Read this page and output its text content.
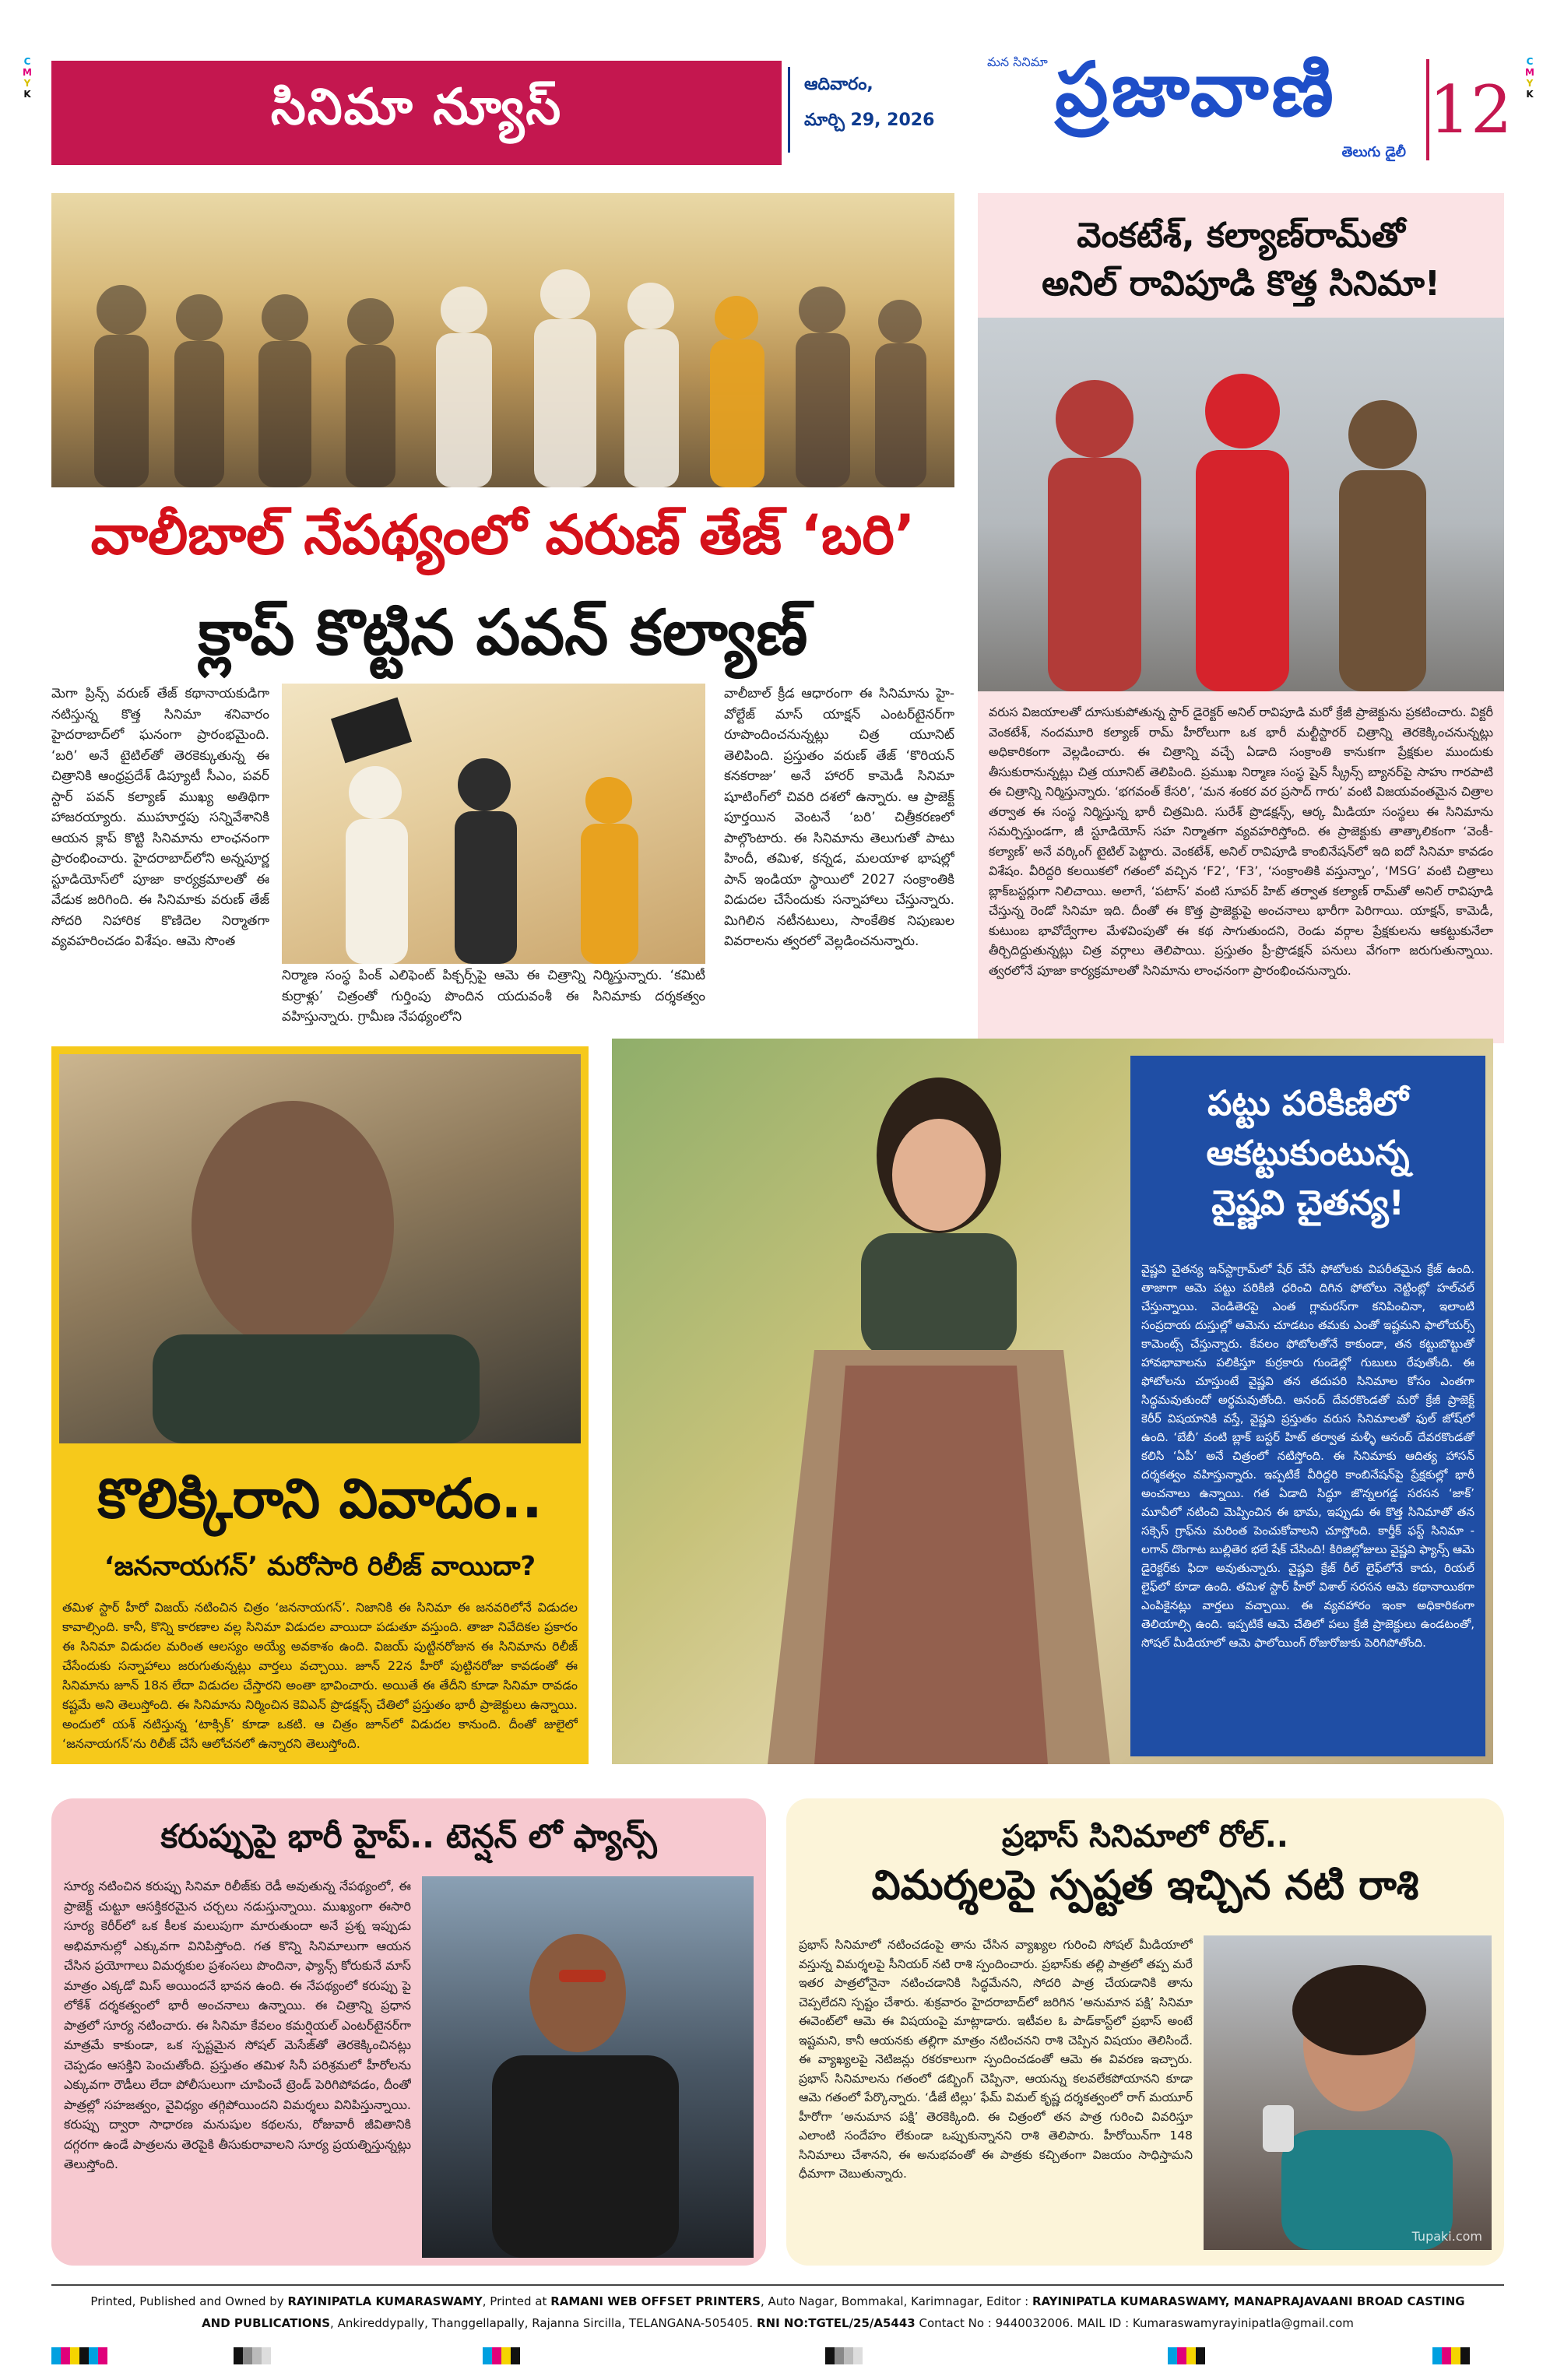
C
M
Y
K
C
M
Y
K
సినిమా న్యూస్	ఆదివారం,
మార్చి 29, 2026	ప్రజావాణి
మన సినిమా
తెలుగు డైలీ
12
వాలీబాల్ నేపథ్యంలో వరుణ్ తేజ్ ‘బరి’
క్లాప్ కొట్టిన పవన్ కల్యాణ్
మెగా ప్రిన్స్ వరుణ్ తేజ్ కథానాయకుడిగా నటిస్తున్న కొత్త సినిమా శనివారం హైదరాబాద్‌లో ఘనంగా ప్రారంభమైంది. ‘బరి’ అనే టైటిల్‌తో తెరకెక్కుతున్న ఈ చిత్రానికి ఆంధ్రప్రదేశ్ డిప్యూటీ సీఎం, పవర్ స్టార్ పవన్ కల్యాణ్ ముఖ్య అతిథిగా హాజరయ్యారు. ముహూర్తపు సన్నివేశానికి ఆయన క్లాప్ కొట్టి సినిమాను లాంఛనంగా ప్రారంభించారు. హైదరాబాద్‌లోని అన్నపూర్ణ స్టూడియోస్‌లో పూజా కార్యక్రమాలతో ఈ వేడుక జరిగింది. ఈ సినిమాకు వరుణ్ తేజ్ సోదరి నిహారిక కొణిదెల నిర్మాతగా వ్యవహరించడం విశేషం. ఆమె సొంత
వాలీబాల్ క్రీడ ఆధారంగా ఈ సినిమాను హై-వోల్టేజ్ మాస్ యాక్షన్ ఎంటర్‌టైనర్‌గా రూపొందించనున్నట్లు చిత్ర యూనిట్ తెలిపింది. ప్రస్తుతం వరుణ్ తేజ్ ‘కొరియన్ కనకరాజు’ అనే హారర్ కామెడీ సినిమా షూటింగ్‌లో చివరి దశలో ఉన్నారు. ఆ ప్రాజెక్ట్ పూర్తయిన వెంటనే ‘బరి’ చిత్రీకరణలో పాల్గొంటారు. ఈ సినిమాను తెలుగుతో పాటు హిందీ, తమిళ, కన్నడ, మలయాళ భాషల్లో పాన్ ఇండియా స్థాయిలో 2027 సంక్రాంతికి విడుదల చేసేందుకు సన్నాహాలు చేస్తున్నారు. మిగిలిన నటీనటులు, సాంకేతిక నిపుణుల వివరాలను త్వరలో వెల్లడించనున్నారు.
నిర్మాణ సంస్థ పింక్ ఎలిఫెంట్ పిక్చర్స్‌పై ఆమె ఈ చిత్రాన్ని నిర్మిస్తున్నారు. ‘కమిటీ కుర్రాళ్లు’ చిత్రంతో గుర్తింపు పొందిన యదువంశీ ఈ సినిమాకు దర్శకత్వం వహిస్తున్నారు. గ్రామీణ నేపథ్యంలోని
వెంకటేశ్, కల్యాణ్‌రామ్‌తో
అనిల్ రావిపూడి కొత్త సినిమా!
వరుస విజయాలతో దూసుకుపోతున్న స్టార్ డైరెక్టర్ అనిల్ రావిపూడి మరో క్రేజీ ప్రాజెక్టును ప్రకటించారు. విక్టరీ వెంకటేశ్, నందమూరి కల్యాణ్ రామ్ హీరోలుగా ఒక భారీ మల్టీస్టారర్ చిత్రాన్ని తెరకెక్కించనున్నట్లు అధికారికంగా వెల్లడించారు. ఈ చిత్రాన్ని వచ్చే ఏడాది సంక్రాంతి కానుకగా ప్రేక్షకుల ముందుకు తీసుకురానున్నట్లు చిత్ర యూనిట్ తెలిపింది. ప్రముఖ నిర్మాణ సంస్థ షైన్ స్క్రీన్స్ బ్యానర్‌పై సాహు గారపాటి ఈ చిత్రాన్ని నిర్మిస్తున్నారు. ‘భగవంత్ కేసరి’, ‘మన శంకర వర ప్రసాద్ గారు’ వంటి విజయవంతమైన చిత్రాల తర్వాత ఈ సంస్థ నిర్మిస్తున్న భారీ చిత్రమిది. సురేశ్ ప్రొడక్షన్స్, ఆర్క మీడియా సంస్థలు ఈ సినిమాను సమర్పిస్తుండగా, జీ స్టూడియోస్ సహ నిర్మాతగా వ్యవహరిస్తోంది. ఈ ప్రాజెక్టుకు తాత్కాలికంగా ‘వెంకీ-కల్యాణ్’ అనే వర్కింగ్ టైటిల్ పెట్టారు. వెంకటేశ్, అనిల్ రావిపూడి కాంబినేషన్‌లో ఇది ఐదో సినిమా కావడం విశేషం. వీరిద్దరి కలయికలో గతంలో వచ్చిన ‘F2’, ‘F3’, ‘సంక్రాంతికి వస్తున్నాం’, ‘MSG’ వంటి చిత్రాలు బ్లాక్‌బస్టర్లుగా నిలిచాయి. అలాగే, ‘పటాస్’ వంటి సూపర్ హిట్ తర్వాత కల్యాణ్ రామ్‌తో అనిల్ రావిపూడి చేస్తున్న రెండో సినిమా ఇది. దీంతో ఈ కొత్త ప్రాజెక్టుపై అంచనాలు భారీగా పెరిగాయి. యాక్షన్, కామెడీ, కుటుంబ భావోద్వేగాల మేళవింపుతో ఈ కథ సాగుతుందని, రెండు వర్గాల ప్రేక్షకులను ఆకట్టుకునేలా తీర్చిదిద్దుతున్నట్లు చిత్ర వర్గాలు తెలిపాయి. ప్రస్తుతం ప్రీ-ప్రొడక్షన్ పనులు వేగంగా జరుగుతున్నాయి. త్వరలోనే పూజా కార్యక్రమాలతో సినిమాను లాంఛనంగా ప్రారంభించనున్నారు.
కొలిక్కిరాని వివాదం..
‘జననాయగన్’ మరోసారి రిలీజ్ వాయిదా?
తమిళ స్టార్ హీరో విజయ్ నటించిన చిత్రం ‘జననాయగన్’. నిజానికి ఈ సినిమా ఈ జనవరిలోనే విడుదల కావాల్సింది. కానీ, కొన్ని కారణాల వల్ల సినిమా విడుదల వాయిదా పడుతూ వస్తుంది. తాజా నివేదికల ప్రకారం ఈ సినిమా విడుదల మరింత ఆలస్యం అయ్యే అవకాశం ఉంది. విజయ్ పుట్టినరోజున ఈ సినిమాను రిలీజ్ చేసేందుకు సన్నాహాలు జరుగుతున్నట్లు వార్తలు వచ్చాయి. జూన్ 22న హీరో పుట్టినరోజు కావడంతో ఈ సినిమాను జూన్ 18న లేదా విడుదల చేస్తారని అంతా భావించారు. అయితే ఈ తేదీని కూడా సినిమా రావడం కష్టమే అని తెలుస్తోంది. ఈ సినిమాను నిర్మించిన కెవిఎన్ ప్రొడక్షన్స్ చేతిలో ప్రస్తుతం భారీ ప్రాజెక్టులు ఉన్నాయి. అందులో యశ్ నటిస్తున్న ‘టాక్సిక్’ కూడా ఒకటి. ఆ చిత్రం జూన్‌లో విడుదల కానుంది. దీంతో జులైలో ‘జననాయగన్’ను రిలీజ్ చేసే ఆలోచనలో ఉన్నారని తెలుస్తోంది.
పట్టు పరికిణిలో
ఆకట్టుకుంటున్న
వైష్ణవి చైతన్య!
వైష్ణవి చైతన్య ఇన్‌స్టాగ్రామ్‌లో షేర్ చేసే ఫోటోలకు విపరీతమైన క్రేజ్ ఉంది. తాజాగా ఆమె పట్టు పరికిణి ధరించి దిగిన ఫోటోలు నెట్టింట్లో హల్‌చల్ చేస్తున్నాయి. వెండితెరపై ఎంత గ్లామరస్‌గా కనిపించినా, ఇలాంటి సంప్రదాయ దుస్తుల్లో ఆమెను చూడటం తమకు ఎంతో ఇష్టమని ఫాలోయర్స్ కామెంట్స్ చేస్తున్నారు. కేవలం ఫోటోలతోనే కాకుండా, తన కట్టుబొట్టుతో హావభావాలను పలికిస్తూ కుర్రకారు గుండెల్లో గుబులు రేపుతోంది. ఈ ఫోటోలను చూస్తుంటే వైష్ణవి తన తదుపరి సినిమాల కోసం ఎంతగా సిద్ధమవుతుందో అర్థమవుతోంది. ఆనంద్ దేవరకొండతో మరో క్రేజీ ప్రాజెక్ట్ కెరీర్ విషయానికి వస్తే, వైష్ణవి ప్రస్తుతం వరుస సినిమాలతో ఫుల్ జోష్‌లో ఉంది. ‘బేబీ’ వంటి బ్లాక్ బస్టర్ హిట్ తర్వాత మళ్ళీ ఆనంద్ దేవరకొండతో కలిసి ‘ఏపీ’ అనే చిత్రంలో నటిస్తోంది. ఈ సినిమాకు ఆదిత్య హాసన్ దర్శకత్వం వహిస్తున్నారు. ఇప్పటికే వీరిద్దరి కాంబినేషన్‌పై ప్రేక్షకుల్లో భారీ అంచనాలు ఉన్నాయి. గత ఏడాది సిద్ధూ జొన్నలగడ్డ సరసన ‘జాక్’ మూవీలో నటించి మెప్పించిన ఈ భామ, ఇప్పుడు ఈ కొత్త సినిమాతో తన సక్సెస్ గ్రాఫ్‌ను మరింత పెంచుకోవాలని చూస్తోంది. కార్తీక్ ఫస్ట్ సినిమా - లగాన్ దొంగాట బుల్లితెర భలే షేక్ చేసింది! కిరిజిల్లోజులు వైష్ణవి ఫ్యాన్స్ ఆమె డైరెక్టర్‌కు ఫిదా అవుతున్నారు. వైష్ణవి క్రేజ్ రీల్ లైఫ్‌లోనే కాదు, రియల్ లైఫ్‌లో కూడా ఉంది. తమిళ స్టార్ హీరో విశాల్ సరసన ఆమె కథానాయికగా ఎంపికైనట్లు వార్తలు వచ్చాయి. ఈ వ్యవహారం ఇంకా అధికారికంగా తెలియాల్సి ఉంది. ఇప్పటికే ఆమె చేతిలో పలు క్రేజీ ప్రాజెక్టులు ఉండటంతో, సోషల్ మీడియాలో ఆమె ఫాలోయింగ్ రోజురోజుకు పెరిగిపోతోంది.
కరుప్పుపై భారీ హైప్.. టెన్షన్ లో ఫ్యాన్స్
సూర్య నటించిన కరుప్పు సినిమా రిలీజ్‌కు రెడీ అవుతున్న నేపథ్యంలో, ఈ ప్రాజెక్ట్ చుట్టూ ఆసక్తికరమైన చర్చలు నడుస్తున్నాయి. ముఖ్యంగా ఈసారి సూర్య కెరీర్‌లో ఒక కీలక మలుపుగా మారుతుందా అనే ప్రశ్న ఇప్పుడు అభిమానుల్లో ఎక్కువగా వినిపిస్తోంది. గత కొన్ని సినిమాలుగా ఆయన చేసిన ప్రయోగాలు విమర్శకుల ప్రశంసలు పొందినా, ఫ్యాన్స్ కోరుకునే మాస్ మాత్రం ఎక్కడో మిస్ అయిందనే భావన ఉంది. ఈ నేపథ్యంలో కరుప్పు పై లోకేశ్ దర్శకత్వంలో భారీ అంచనాలు ఉన్నాయి. ఈ చిత్రాన్ని ప్రధాన పాత్రలో సూర్య నటించారు. ఈ సినిమా కేవలం కమర్షియల్ ఎంటర్‌టైనర్‌గా మాత్రమే కాకుండా, ఒక స్పష్టమైన సోషల్ మెసేజ్‌తో తెరకెక్కించినట్లు చెప్పడం ఆసక్తిని పెంచుతోంది. ప్రస్తుతం తమిళ సినీ పరిశ్రమలో హీరోలను ఎక్కువగా రౌడీలు లేదా పోలీసులుగా చూపించే ట్రెండ్ పెరిగిపోవడం, దీంతో పాత్రల్లో సహజత్వం, వైవిధ్యం తగ్గిపోయిందని విమర్శలు వినిపిస్తున్నాయి. కరుప్పు ద్వారా సాధారణ మనుషుల కథలను, రోజువారీ జీవితానికి దగ్గరగా ఉండే పాత్రలను తెరపైకి తీసుకురావాలని సూర్య ప్రయత్నిస్తున్నట్లు తెలుస్తోంది.
ప్రభాస్ సినిమాలో రోల్..
విమర్శలపై స్పష్టత ఇచ్చిన నటి రాశి
ప్రభాస్ సినిమాలో నటించడంపై తాను చేసిన వ్యాఖ్యల గురించి సోషల్ మీడియాలో వస్తున్న విమర్శలపై సీనియర్ నటి రాశి స్పందించారు. ప్రభాస్‌కు తల్లి పాత్రలో తప్ప మరే ఇతర పాత్రలోనైనా నటించడానికి సిద్ధమేనని, సోదరి పాత్ర చేయడానికి తాను చెప్పలేదని స్పష్టం చేశారు. శుక్రవారం హైదరాబాద్‌లో జరిగిన ‘అనుమాన పక్షి’ సినిమా ఈవెంట్‌లో ఆమె ఈ విషయంపై మాట్లాడారు. ఇటీవల ఓ పాడ్‌కాస్ట్‌లో ప్రభాస్ అంటే ఇష్టమని, కానీ ఆయనకు తల్లిగా మాత్రం నటించనని రాశి చెప్పిన విషయం తెలిసిందే. ఈ వ్యాఖ్యలపై నెటిజన్లు రకరకాలుగా స్పందించడంతో ఆమె ఈ వివరణ ఇచ్చారు. ప్రభాస్ సినిమాలను గతంలో డబ్బింగ్ చెప్పినా, ఆయన్ను కలవలేకపోయానని కూడా ఆమె గతంలో పేర్కొన్నారు. ‘డీజే టిల్లు’ ఫేమ్ విమల్ కృష్ణ దర్శకత్వంలో రాగ్ మయూర్ హీరోగా ‘అనుమాన పక్షి’ తెరకెక్కింది. ఈ చిత్రంలో తన పాత్ర గురించి వివరిస్తూ ఎలాంటి సందేహం లేకుండా ఒప్పుకున్నానని రాశి తెలిపారు. హీరోయిన్‌గా 148 సినిమాలు చేశానని, ఈ అనుభవంతో ఈ పాత్రకు కచ్చితంగా విజయం సాధిస్తామని ధీమాగా చెబుతున్నారు.
Tupaki.com
Printed, Published and Owned by RAYINIPATLA KUMARASWAMY, Printed at RAMANI WEB OFFSET PRINTERS, Auto Nagar, Bommakal, Karimnagar, Editor : RAYINIPATLA KUMARASWAMY, MANAPRAJAVAANI BROAD CASTING
AND PUBLICATIONS, Ankireddypally, Thanggellapally, Rajanna Sircilla, TELANGANA-505405. RNI NO:TGTEL/25/A5443 Contact No : 9440032006. MAIL ID : Kumaraswamyrayinipatla@gmail.com
